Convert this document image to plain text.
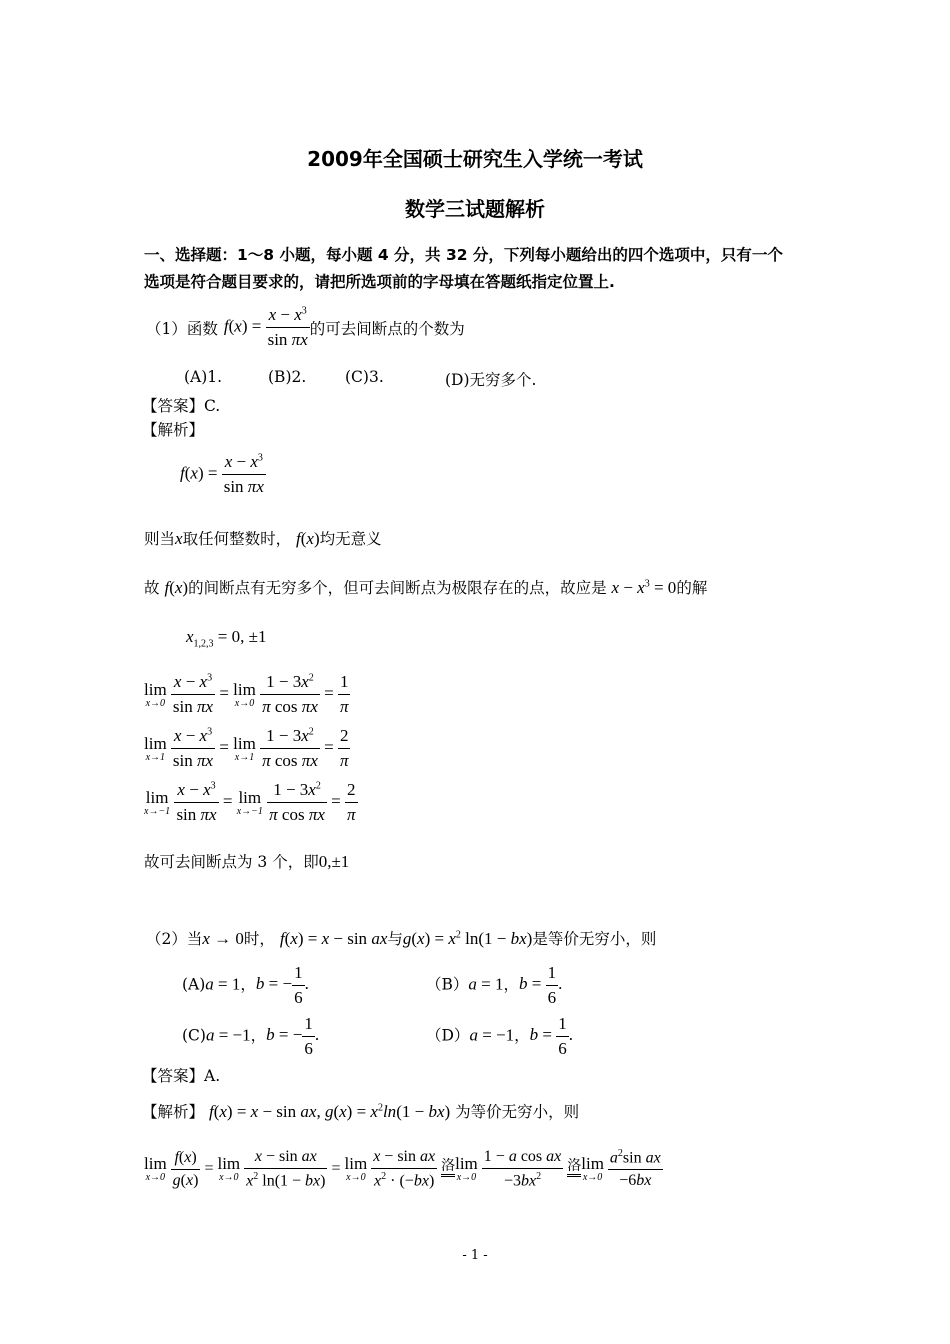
2009年全国硕士研究生入学统一考试
数学三试题解析
一、选择题：1～8 小题，每小题 4 分，共 32 分，下列每小题给出的四个选项中，只有一个
选项是符合题目要求的，请把所选项前的字母填在答题纸指定位置上.
（1）函数 $f(x) = \frac{x - x^3}{\text{sin πx}}$ 的可去间断点的个数为
(A)1.	(B)2. (C)3.	(D)无穷多个.
【答案】C.
【解析】
$f(x) = \frac{x - x^3}{\text{sin πx}}$
则当x取任何整数时， f(x)均无意义
故 f(x)的间断点有无穷多个，但可去间断点为极限存在的点，故应是 $x - x^3 = 0$的解
$x_{1,2,3} = 0$, ±1
lim
x→0
$\frac{x - x^3}{\text{sin πx}} = \lim$
x→0
$\frac{1 - 3x^2}{\text{π cos πx}} = \frac{1}{\pi}$
lim
x→1
$\frac{x - x^3}{\text{sin πx}} = \lim$
x→1
$\frac{1 - 3x^2}{\text{π cos πx}} = \frac{2}{\pi}$
lim
x→−1
$\frac{x - x^3}{\text{sin πx}} = \lim$
x→−1
$\frac{1 - 3x^2}{\text{π cos πx}} = \frac{2}{\pi}$
故可去间断点为 3 个，即0,±1
（2）当x → 0时， f(x) = x − sin ax与$g(x) = x^2$ ln(1 − bx)是等价无穷小，则
(A)a = 1，b = − $\frac{1}{6}$ .	（B）a = 1，$b = \frac{1}{6}$ .
(C)a = −1，b = − $\frac{1}{6}$ .	（D）a = −1，$b = \frac{1}{6}$ .
【答案】A.
【解析】 f(x) = x − sin ax, $g(x) = x^2\ln(1 - bx)$ 为等价无穷小，则
lim
x→0
$\frac{f(x)}{g(x)} = \lim$
x→0
$\frac{\text{x − sin ax}}{x^2 \ln(1 - bx)} = \lim$
x→0
$\frac{\text{x − sin ax}}{x^2 \cdot (-bx)}$
洛 lim
x→0
$\frac{\text{1 − a cos ax}}{-3bx^2}$
洛 lim
x→0
$\frac{a^2\sin ax}{-6bx}$
- 1 -
